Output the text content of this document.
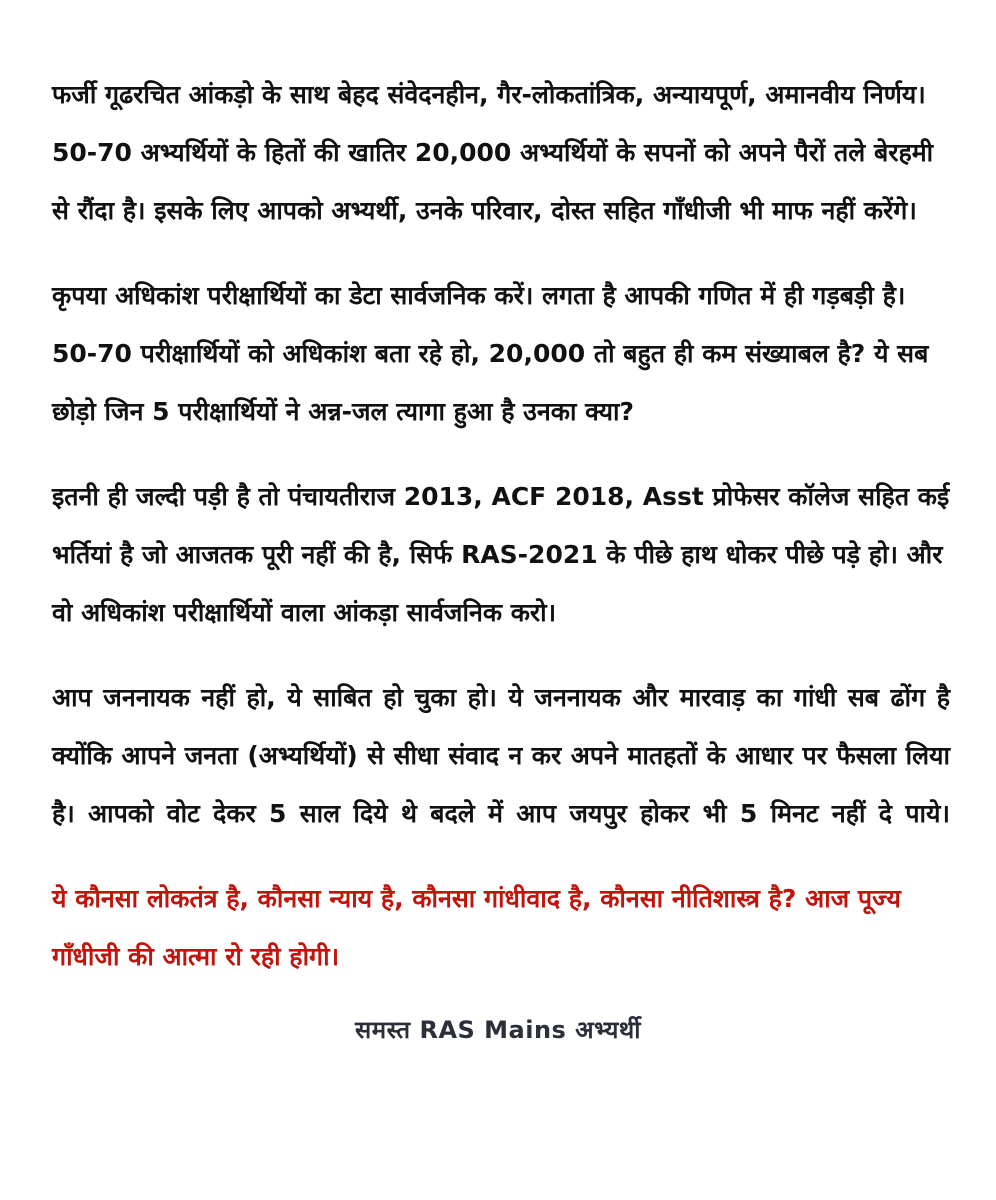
फर्जी गूढरचित आंकड़ो के साथ बेहद संवेदनहीन, गैर-लोकतांत्रिक, अन्यायपूर्ण, अमानवीय निर्णय। 50-70 अभ्यर्थियों के हितों की खातिर 20,000 अभ्यर्थियों के सपनों को अपने पैरों तले बेरहमी से रौंदा है। इसके लिए आपको अभ्यर्थी, उनके परिवार, दोस्त सहित गाँधीजी भी माफ नहीं करेंगे।

कृपया अधिकांश परीक्षार्थियों का डेटा सार्वजनिक करें। लगता है आपकी गणित में ही गड़बड़ी है। 50-70 परीक्षार्थियों को अधिकांश बता रहे हो, 20,000 तो बहुत ही कम संख्याबल है? ये सब छोड़ो जिन 5 परीक्षार्थियों ने अन्न-जल त्यागा हुआ है उनका क्या?

इतनी ही जल्दी पड़ी है तो पंचायतीराज 2013, ACF 2018, Asst प्रोफेसर कॉलेज सहित कई भर्तियां है जो आजतक पूरी नहीं की है, सिर्फ RAS-2021 के पीछे हाथ धोकर पीछे पड़े हो। और वो अधिकांश परीक्षार्थियों वाला आंकड़ा सार्वजनिक करो।

आप जननायक नहीं हो, ये साबित हो चुका हो। ये जननायक और मारवाड़ का गांधी सब ढोंग है क्योंकि आपने जनता (अभ्यर्थियों) से सीधा संवाद न कर अपने मातहतों के आधार पर फैसला लिया है। आपको वोट देकर 5 साल दिये थे बदले में आप जयपुर होकर भी 5 मिनट नहीं दे पाये।

ये कौनसा लोकतंत्र है, कौनसा न्याय है, कौनसा गांधीवाद है, कौनसा नीतिशास्त्र है? आज पूज्य गाँधीजी की आत्मा रो रही होगी।

समस्त RAS Mains अभ्यर्थी
